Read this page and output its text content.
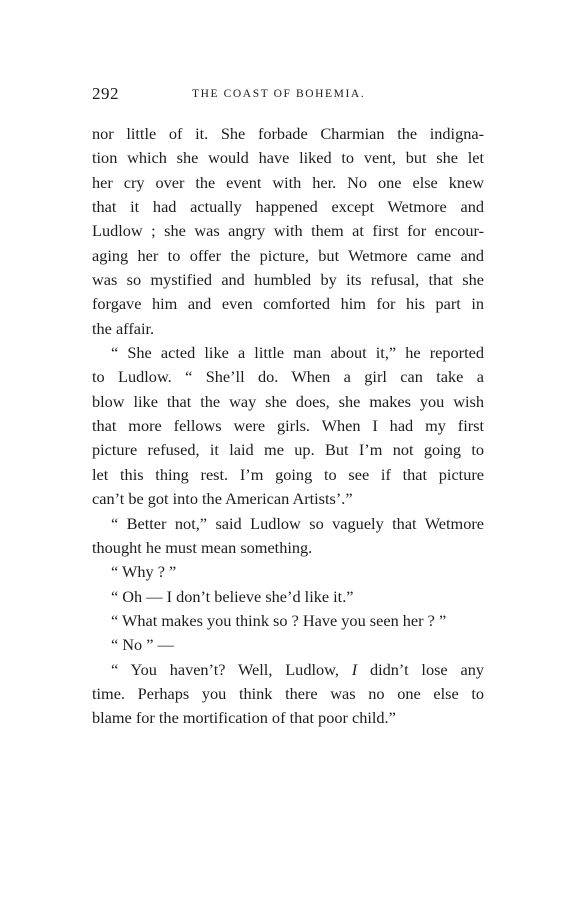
292	THE COAST OF BOHEMIA.
nor little of it. She forbade Charmian the indigna-
tion which she would have liked to vent, but she let
her cry over the event with her. No one else knew
that it had actually happened except Wetmore and
Ludlow ; she was angry with them at first for encour-
aging her to offer the picture, but Wetmore came and
was so mystified and humbled by its refusal, that she
forgave him and even comforted him for his part in
the affair.
“ She acted like a little man about it,” he reported
to Ludlow. “ She’ll do. When a girl can take a
blow like that the way she does, she makes you wish
that more fellows were girls. When I had my first
picture refused, it laid me up. But I’m not going to
let this thing rest. I’m going to see if that picture
can’t be got into the American Artists’.”
“ Better not,” said Ludlow so vaguely that Wetmore
thought he must mean something.
“ Why ? ”
“ Oh — I don’t believe she’d like it.”
“ What makes you think so ? Have you seen her ? ”
“ No ” —
“ You haven’t? Well, Ludlow, I didn’t lose any
time. Perhaps you think there was no one else to
blame for the mortification of that poor child.”
